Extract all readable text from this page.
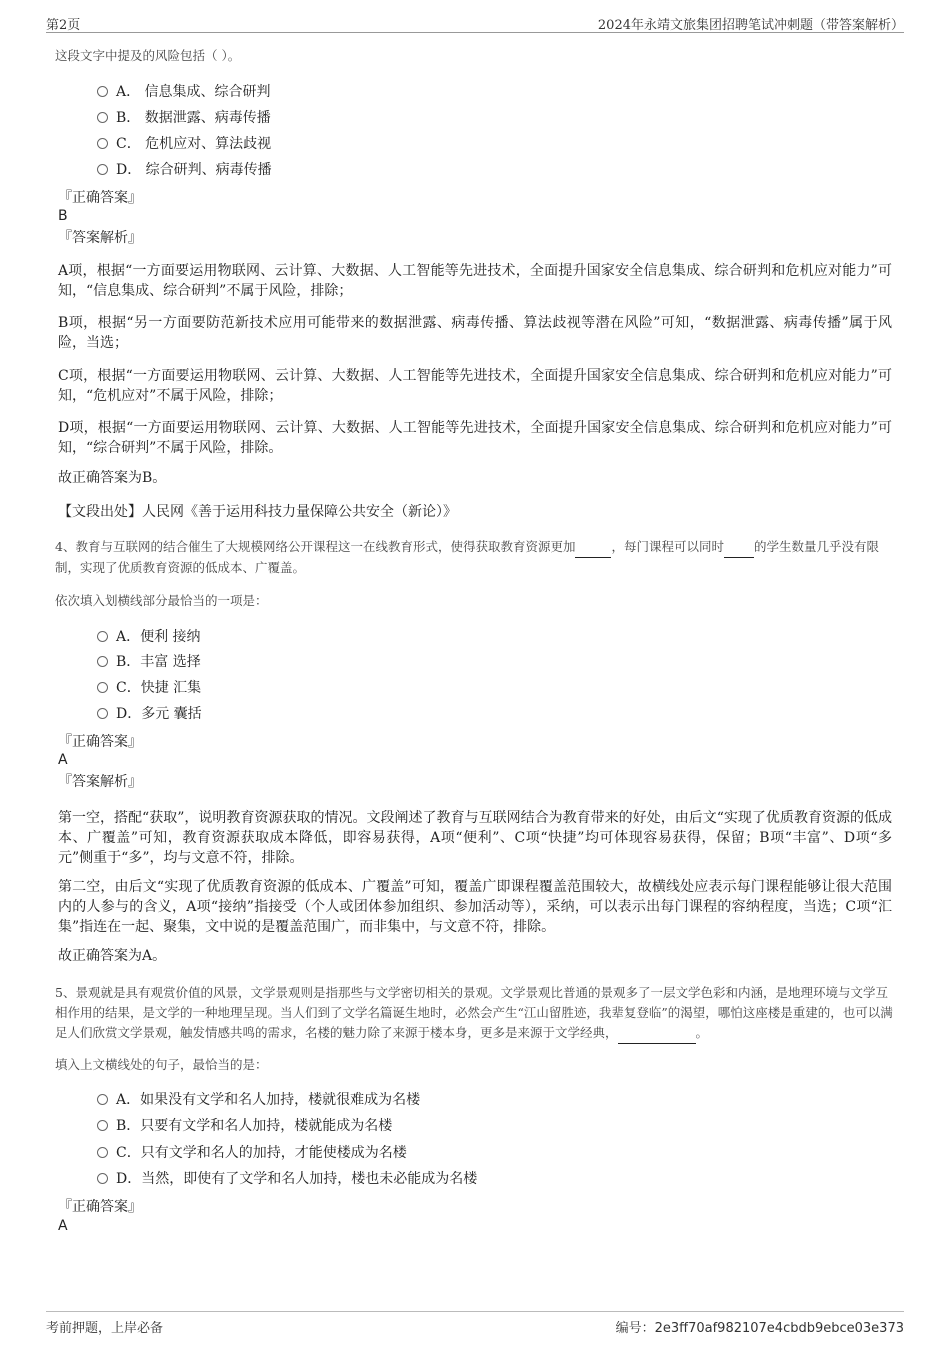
第2页	2024年永靖文旅集团招聘笔试冲刺题（带答案解析）
这段文字中提及的风险包括（ ）。
A． 信息集成、综合研判
B． 数据泄露、病毒传播
C． 危机应对、算法歧视
D． 综合研判、病毒传播
『正确答案』
B
『答案解析』
A项，根据“一方面要运用物联网、云计算、大数据、人工智能等先进技术，全面提升国家安全信息集成、综合研判和危机应对能力”可知，“信息集成、综合研判”不属于风险，排除；
B项，根据“另一方面要防范新技术应用可能带来的数据泄露、病毒传播、算法歧视等潜在风险”可知，“数据泄露、病毒传播”属于风险，当选；
C项，根据“一方面要运用物联网、云计算、大数据、人工智能等先进技术，全面提升国家安全信息集成、综合研判和危机应对能力”可知，“危机应对”不属于风险，排除；
D项，根据“一方面要运用物联网、云计算、大数据、人工智能等先进技术，全面提升国家安全信息集成、综合研判和危机应对能力”可知，“综合研判”不属于风险，排除。
故正确答案为B。
【文段出处】人民网《善于运用科技力量保障公共安全（新论）》
4、教育与互联网的结合催生了大规模网络公开课程这一在线教育形式，使得获取教育资源更加	，每门课程可以同时 的学生数量几乎没有限制，实现了优质教育资源的低成本、广覆盖。
依次填入划横线部分最恰当的一项是：
A．便利 接纳
B．丰富 选择
C．快捷 汇集
D．多元 囊括
『正确答案』
A
『答案解析』
第一空，搭配“获取”，说明教育资源获取的情况。文段阐述了教育与互联网结合为教育带来的好处，由后文“实现了优质教育资源的低成本、广覆盖”可知，教育资源获取成本降低，即容易获得，A项“便利”、C项“快捷”均可体现容易获得，保留；B项“丰富”、D项“多元”侧重于“多”，均与文意不符，排除。
第二空，由后文“实现了优质教育资源的低成本、广覆盖”可知，覆盖广即课程覆盖范围较大，故横线处应表示每门课程能够让很大范围内的人参与的含义，A项“接纳”指接受（个人或团体参加组织、参加活动等），采纳，可以表示出每门课程的容纳程度，当选；C项“汇集”指连在一起、聚集，文中说的是覆盖范围广，而非集中，与文意不符，排除。
故正确答案为A。
5、景观就是具有观赏价值的风景，文学景观则是指那些与文学密切相关的景观。文学景观比普通的景观多了一层文学色彩和内涵，是地理环境与文学互相作用的结果，是文学的一种地理呈现。当人们到了文学名篇诞生地时，必然会产生“江山留胜迹，我辈复登临”的渴望，哪怕这座楼是重建的，也可以满足人们欣赏文学景观，触发情感共鸣的需求，名楼的魅力除了来源于楼本身，更多是来源于文学经典，	。
填入上文横线处的句子，最恰当的是：
A．如果没有文学和名人加持，楼就很难成为名楼
B．只要有文学和名人加持，楼就能成为名楼
C．只有文学和名人的加持，才能使楼成为名楼
D．当然，即使有了文学和名人加持，楼也未必能成为名楼
『正确答案』
A
考前押题，上岸必备	编号：2e3ff70af982107e4cbdb9ebce03e373
